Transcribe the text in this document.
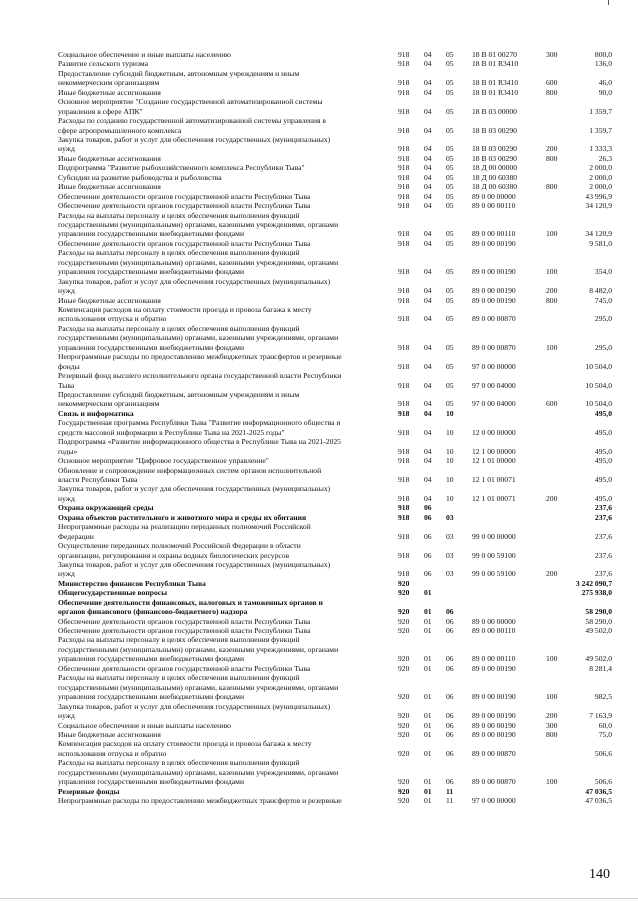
Социальное обеспечение и иные выплаты населению	918 04 05 18 В 01 00270	300	800,0
Развитие сельского туризма	918 04 05 18 В 01 R3410	136,0
Предоставление субсидий бюджетным, автономным учреждениям и иным
некоммерческим организациям	918 04 05 18 В 01 R3410	600	46,0
Иные бюджетные ассигнования	918 04 05 18 В 01 R3410	800	90,0
Основное мероприятие "Создание государственной автоматизированной системы
управления в сфере АПК"	918 04 05 18 В 03 00000	1 359,7
Расходы по созданию государственной автоматизированной системы управления в
сфере агропромышленного комплекса	918 04 05 18 В 03 00290	1 359,7
Закупка товаров, работ и услуг для обеспечения государственных (муниципальных)
нужд	918 04 05 18 В 03 00290	200	1 333,3
Иные бюджетные ассигнования	918 04 05 18 В 03 00290	800	26,3
Подпрограмма "Развитие рыбохозяйственного комплекса Республики Тыва"	918 04 05 18 Д 00 00000	2 000,0
Субсидии на развитие рыбоводства и рыболовства	918 04 05 18 Д 00 60380	2 000,0
Иные бюджетные ассигнования	918 04 05 18 Д 00 60380	800	2 000,0
Обеспечение деятельности органов государственной власти Республики Тыва	918 04 05 89 0 00 00000	43 996,9
Обеспечение деятельности органов государственной власти Республики Тыва	918 04 05 89 0 00 00110	34 120,9
Расходы на выплаты персоналу в целях обеспечения выполнения функций
государственными (муниципальными) органами, казенными учреждениями, органами
управления государственными внебюджетными фондами	918 04 05 89 0 00 00110	100	34 120,9
Обеспечение деятельности органов государственной власти Республики Тыва	918 04 05 89 0 00 00190	9 581,0
Расходы на выплаты персоналу в целях обеспечения выполнения функций
государственными (муниципальными) органами, казенными учреждениями, органами
управления государственными внебюджетными фондами	918 04 05 89 0 00 00190	100	354,0
Закупка товаров, работ и услуг для обеспечения государственных (муниципальных)
нужд	918 04 05 89 0 00 00190	200	8 482,0
Иные бюджетные ассигнования	918 04 05 89 0 00 00190	800	745,0
Компенсация расходов на оплату стоимости проезда и провоза багажа к месту
использования отпуска и обратно	918 04 05 89 0 00 00870	295,0
Расходы на выплаты персоналу в целях обеспечения выполнения функций
государственными (муниципальными) органами, казенными учреждениями, органами
управления государственными внебюджетными фондами	918 04 05 89 0 00 00870	100	295,0
Непрограммные расходы по предоставлению межбюджетных трансфертов и резервные
фонды	918 04 05 97 0 00 00000	10 504,0
Резервный фонд высшего исполнительного органа государственной власти Республики
Тыва	918 04 05 97 0 00 04000	10 504,0
Предоставление субсидий бюджетным, автономным учреждениям и иным
некоммерческим организациям	918 04 05 97 0 00 04000	600	10 504,0
Связь и информатика	918 04 10	495,0
Государственная программа Республики Тыва "Развитие информационного общества и
средств массовой информации в Республике Тыва на 2021-2025 годы"	918 04 10 12 0 00 00000	495,0
Подпрограмма «Развитие информационного общества в Республике Тыва на 2021-2025
годы»	918 04 10 12 1 00 00000	495,0
Основное мероприятие "Цифровое государственное управление"	918 04 10 12 1 01 00000	495,0
Обновление и сопровождение информационных систем органов исполнительной
власти Республики Тыва	918 04 10 12 1 01 00071	495,0
Закупка товаров, работ и услуг для обеспечения государственных (муниципальных)
нужд	918 04 10 12 1 01 00071	200	495,0
Охрана окружающей среды	918 06	237,6
Охрана объектов растительного и животного мира и среды их обитания	918 06 03	237,6
Непрограммные расходы на реализацию переданных полномочий Российской
Федерации	918 06 03 99 0 00 00000	237,6
Осуществление переданных полномочий Российской Федерации в области
организации, регулирования и охраны водных биологических ресурсов	918 06 03 99 0 00 59100	237,6
Закупка товаров, работ и услуг для обеспечения государственных (муниципальных)
нужд	918 06 03 99 0 00 59100	200	237,6
Министерство финансов Республики Тыва	920	3 242 090,7
Общегосударственные вопросы	920 01	275 938,0
Обеспечение деятельности финансовых, налоговых и таможенных органов и
органов финансового (финансово-бюджетного) надзора	920 01 06	58 290,0
Обеспечение деятельности органов государственной власти Республики Тыва	920 01 06 89 0 00 00000	58 290,0
Обеспечение деятельности органов государственной власти Республики Тыва	920 01 06 89 0 00 00110	49 502,0
Расходы на выплаты персоналу в целях обеспечения выполнения функций
государственными (муниципальными) органами, казенными учреждениями, органами
управления государственными внебюджетными фондами	920 01 06 89 0 00 00110	100	49 502,0
Обеспечение деятельности органов государственной власти Республики Тыва	920 01 06 89 0 00 00190	8 281,4
Расходы на выплаты персоналу в целях обеспечения выполнения функций
государственными (муниципальными) органами, казенными учреждениями, органами
управления государственными внебюджетными фондами	920 01 06 89 0 00 00190	100	982,5
Закупка товаров, работ и услуг для обеспечения государственных (муниципальных)
нужд	920 01 06 89 0 00 00190	200	7 163,9
Социальное обеспечение и иные выплаты населению	920 01 06 89 0 00 00190	300	60,0
Иные бюджетные ассигнования	920 01 06 89 0 00 00190	800	75,0
Компенсация расходов на оплату стоимости проезда и провоза багажа к месту
использования отпуска и обратно	920 01 06 89 0 00 00870	506,6
Расходы на выплаты персоналу в целях обеспечения выполнения функций
государственными (муниципальными) органами, казенными учреждениями, органами
управления государственными внебюджетными фондами	920 01 06 89 0 00 00870	100	506,6
Резервные фонды	920 01 11	47 036,5
Непрограммные расходы по предоставлению межбюджетных трансфертов и резервные	920 01 11 97 0 00 00000	47 036,5
140
